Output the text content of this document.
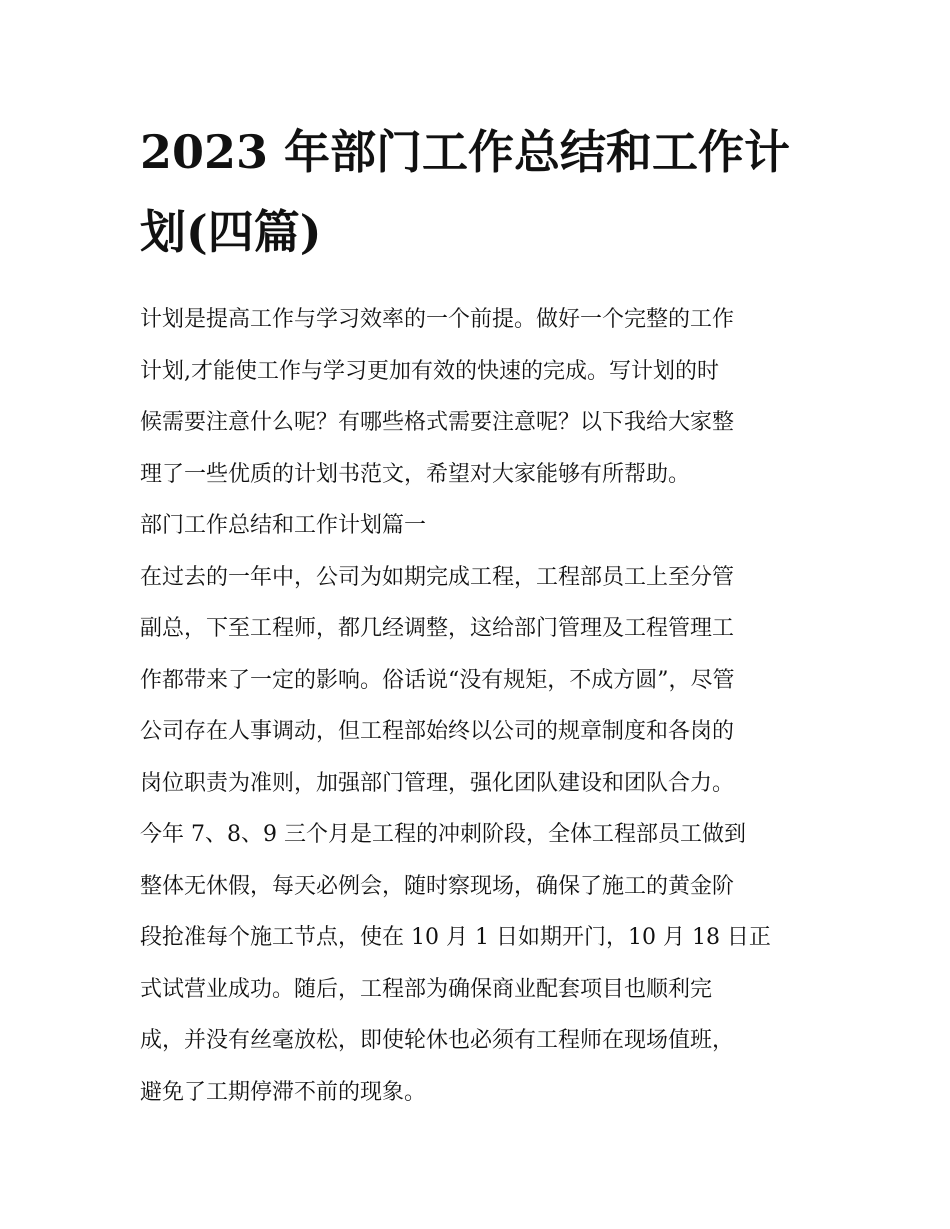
2023 年部门工作总结和工作计
划(四篇)
计划是提高工作与学习效率的一个前提。做好一个完整的工作
计划,才能使工作与学习更加有效的快速的完成。写计划的时
候需要注意什么呢？有哪些格式需要注意呢？以下我给大家整
理了一些优质的计划书范文，希望对大家能够有所帮助。
部门工作总结和工作计划篇一
在过去的一年中，公司为如期完成工程，工程部员工上至分管
副总，下至工程师，都几经调整，这给部门管理及工程管理工
作都带来了一定的影响。俗话说“没有规矩，不成方圆”，尽管
公司存在人事调动，但工程部始终以公司的规章制度和各岗的
岗位职责为准则，加强部门管理，强化团队建设和团队合力。
今年 7、8、9 三个月是工程的冲刺阶段，全体工程部员工做到
整体无休假，每天必例会，随时察现场，确保了施工的黄金阶
段抢准每个施工节点，使在 10 月 1 日如期开门，10 月 18 日正
式试营业成功。随后，工程部为确保商业配套项目也顺利完
成，并没有丝毫放松，即使轮休也必须有工程师在现场值班，
避免了工期停滞不前的现象。
